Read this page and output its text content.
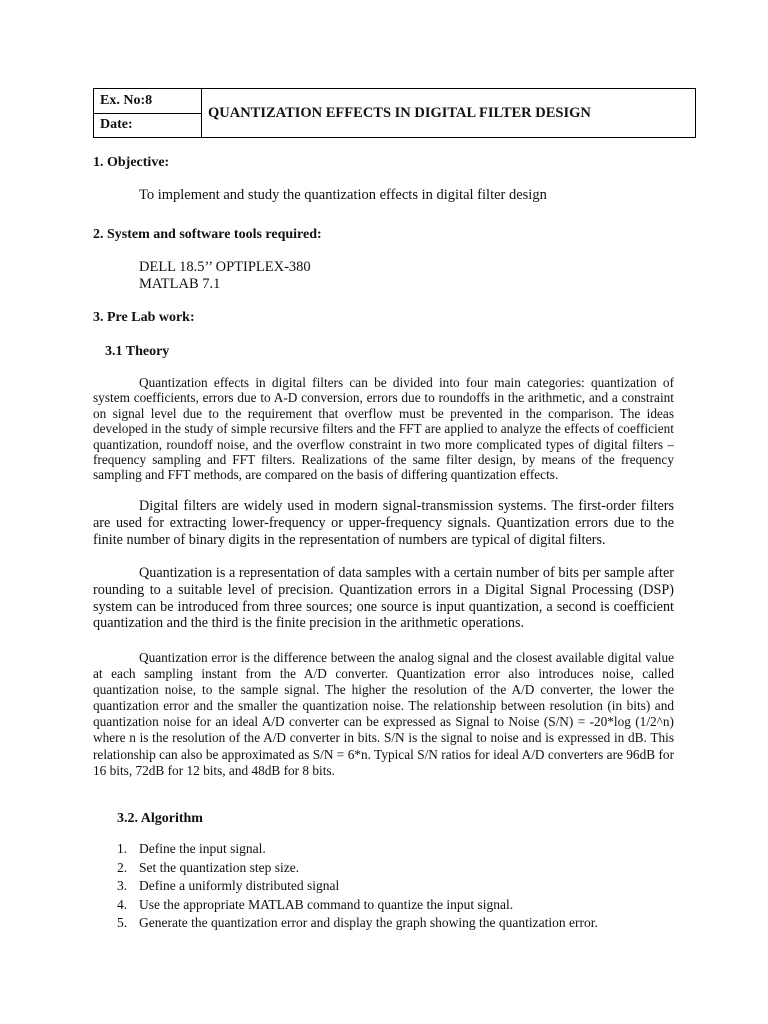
Ex. No:8	QUANTIZATION EFFECTS IN DIGITAL FILTER DESIGN
Date:
1. Objective:
To implement and study the quantization effects in digital filter design
2. System and software tools required:
DELL 18.5’’ OPTIPLEX-380
MATLAB 7.1
3. Pre Lab work:
3.1 Theory

Quantization effects in digital filters can be divided into four main categories: quantization of system coefficients, errors due to A-D conversion, errors due to roundoffs in the arithmetic, and a constraint on signal level due to the requirement that overflow must be prevented in the comparison. The ideas developed in the study of simple recursive filters and the FFT are applied to analyze the effects of coefficient quantization, roundoff noise, and the overflow constraint in two more complicated types of digital filters – frequency sampling and FFT filters. Realizations of the same filter design, by means of the frequency sampling and FFT methods, are compared on the basis of differing quantization effects.

Digital filters are widely used in modern signal-transmission systems. The first-order filters are used for extracting lower-frequency or upper-frequency signals. Quantization errors due to the finite number of binary digits in the representation of numbers are typical of digital filters.

Quantization is a representation of data samples with a certain number of bits per sample after rounding to a suitable level of precision. Quantization errors in a Digital Signal Processing (DSP) system can be introduced from three sources; one source is input quantization, a second is coefficient quantization and the third is the finite precision in the arithmetic operations.

Quantization error is the difference between the analog signal and the closest available digital value at each sampling instant from the A/D converter. Quantization error also introduces noise, called quantization noise, to the sample signal. The higher the resolution of the A/D converter, the lower the quantization error and the smaller the quantization noise. The relationship between resolution (in bits) and quantization noise for an ideal A/D converter can be expressed as Signal to Noise (S/N) = -20*log (1/2^n) where n is the resolution of the A/D converter in bits. S/N is the signal to noise and is expressed in dB. This relationship can also be approximated as S/N = 6*n. Typical S/N ratios for ideal A/D converters are 96dB for 16 bits, 72dB for 12 bits, and 48dB for 8 bits.

3.2. Algorithm
1. Define the input signal.
2. Set the quantization step size.
3. Define a uniformly distributed signal
4. Use the appropriate MATLAB command to quantize the input signal.
5. Generate the quantization error and display the graph showing the quantization error.
